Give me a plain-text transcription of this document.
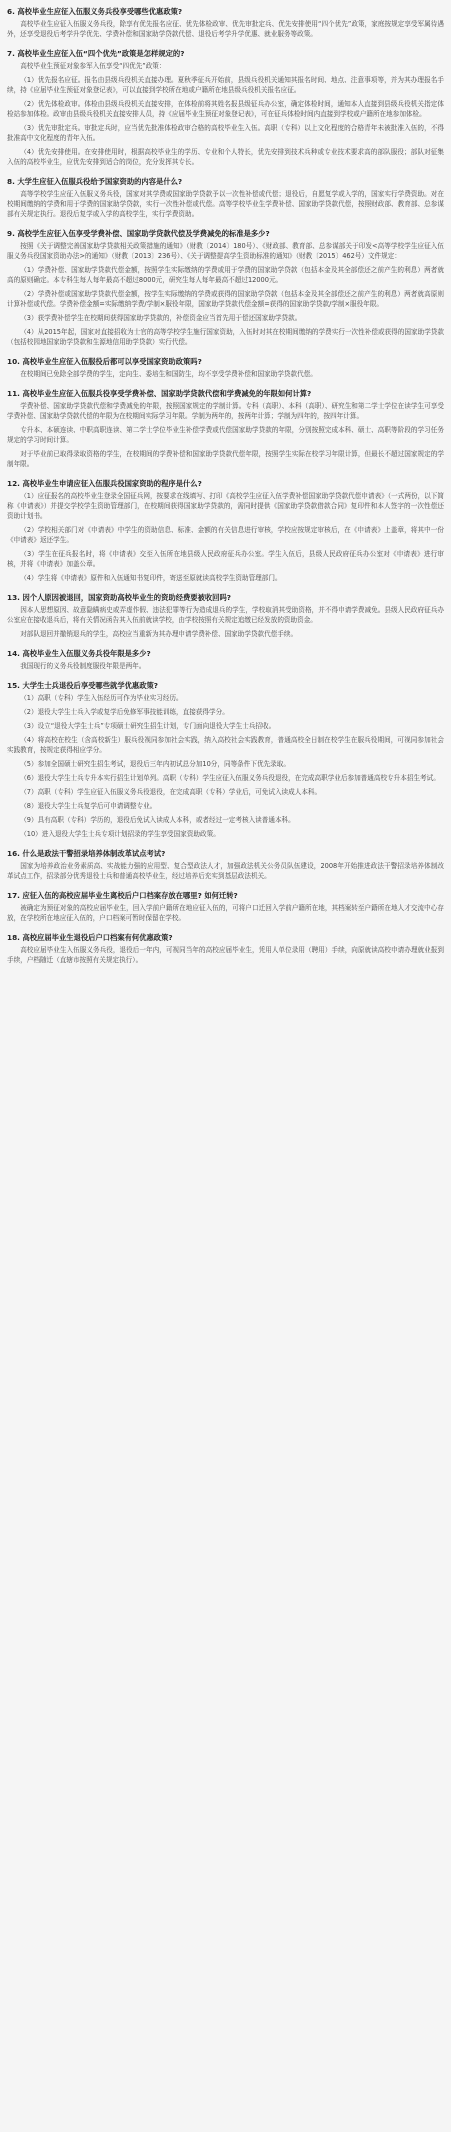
6. 高校毕业生应征入伍服义务兵役享受哪些优惠政策?

高校毕业生应征入伍服义务兵役，除享有优先报名应征、优先体检政审、优先审批定兵、优先安排使用“四个优先”政策，家庭按规定享受军属待遇外，还享受退役后考学升学优先、学费补偿和国家助学贷款代偿、退役后考学升学优惠、就业服务等政策。

7. 高校毕业生应征入伍“四个优先”政策是怎样规定的?

高校毕业生预征对象参军入伍享受“四优先”政策：

（1）优先报名应征。报名由县级兵役机关直接办理。夏秋季征兵开始前，县级兵役机关通知其报名时间、地点、注意事项等，并为其办理报名手续，持《应届毕业生预征对象登记表》，可以直接到学校所在地或户籍所在地县级兵役机关报名应征。

（2）优先体检政审。体检由县级兵役机关直接安排，在体检前将其姓名报县级征兵办公室，确定体检时间，通知本人直接到县级兵役机关指定体检站参加体检。政审由县级兵役机关直接安排人员，持《应届毕业生预征对象登记表》，可在征兵体检时间内直接到学校或户籍所在地参加体检。

（3）优先审批定兵。审批定兵时，应当优先批准体检政审合格的高校毕业生入伍。高职（专科）以上文化程度的合格青年未被批准入伍的，不得批准高中文化程度的青年入伍。

（4）优先安排使用。在安排使用时，根据高校毕业生的学历、专业和个人特长，优先安排到技术兵种或专业技术要求高的部队服役；部队对征集入伍的高校毕业生，应优先安排到适合的岗位，充分发挥其专长。

8. 大学生应征入伍服兵役给予国家资助的内容是什么?

高等学校学生应征入伍服义务兵役，国家对其学费或国家助学贷款予以一次性补偿或代偿；退役后，自愿复学或入学的，国家实行学费资助。对在校期间缴纳的学费和用于学费的国家助学贷款，实行一次性补偿或代偿。高等学校毕业生学费补偿、国家助学贷款代偿，按照财政部、教育部、总参谋部有关规定执行。退役后复学或入学的高校学生，实行学费资助。

9. 高校学生应征入伍享受学费补偿、国家助学贷款代偿及学费减免的标准是多少?

按照《关于调整完善国家助学贷款相关政策措施的通知》（财教〔2014〕180号）、《财政部、教育部、总参谋部关于印发<高等学校学生应征入伍服义务兵役国家资助办法>的通知》（财教〔2013〕236号）、《关于调整提高学生资助标准的通知》（财教〔2015〕462号）文件规定：

（1）学费补偿、国家助学贷款代偿金额，按照学生实际缴纳的学费或用于学费的国家助学贷款（包括本金及其全部偿还之前产生的利息）两者就高的原则确定。本专科生每人每年最高不超过8000元，研究生每人每年最高不超过12000元。

（2）学费补偿或国家助学贷款代偿金额，按学生实际缴纳的学费或获得的国家助学贷款（包括本金及其全部偿还之前产生的利息）两者就高原则计算补偿或代偿。学费补偿金额=实际缴纳学费/学制×服役年限，国家助学贷款代偿金额=获得的国家助学贷款/学制×服役年限。

（3）获学费补偿学生在校期间获得国家助学贷款的，补偿资金应当首先用于偿还国家助学贷款。

（4）从2015年起，国家对直接招收为士官的高等学校学生施行国家资助，入伍时对其在校期间缴纳的学费实行一次性补偿或获得的国家助学贷款（包括校园地国家助学贷款和生源地信用助学贷款）实行代偿。

10. 高校毕业生应征入伍服役后都可以享受国家资助政策吗?

在校期间已免除全部学费的学生，定向生、委培生和国防生，均不享受学费补偿和国家助学贷款代偿。

11. 高校毕业生应征入伍服兵役享受学费补偿、国家助学贷款代偿和学费减免的年限如何计算?

学费补偿、国家助学贷款代偿和学费减免的年限，按照国家规定的学制计算。专科（高职）、本科（高职）、研究生和第二学士学位在读学生可享受学费补偿、国家助学贷款代偿的年限为在校期间实际学习年限。学制为两年的，按两年计算；学制为四年的，按四年计算。

专升本、本硕连读、中职高职连读、第二学士学位毕业生补偿学费或代偿国家助学贷款的年限，分别按照完成本科、硕士、高职等阶段的学习任务规定的学习时间计算。

对于毕业前已取得录取资格的学生，在校期间的学费补偿和国家助学贷款代偿年限，按照学生实际在校学习年限计算，但最长不超过国家规定的学制年限。

12. 高校毕业生申请应征入伍服兵役国家资助的程序是什么?

（1）应征报名的高校毕业生登录全国征兵网，按要求在线填写、打印《高校学生应征入伍学费补偿国家助学贷款代偿申请表》（一式两份，以下简称《申请表》）并提交学校学生资助管理部门，在校期间获得国家助学贷款的，需同时提供《国家助学贷款借款合同》复印件和本人签字的一次性偿还资助计划书。

（2）学校相关部门对《申请表》中学生的资助信息、标准、金额的有关信息进行审核，学校应按规定审核后，在《申请表》上盖章，将其中一份《申请表》返还学生。

（3）学生在征兵报名时，将《申请表》交至入伍所在地县级人民政府征兵办公室。学生入伍后，县级人民政府征兵办公室对《申请表》进行审核，并将《申请表》加盖公章。

（4）学生将《申请表》原件和入伍通知书复印件，寄送至原就读高校学生资助管理部门。

13. 因个人原因被退回，国家资助高校毕业生的资助经费要被收回吗?

因本人思想原因、故意隐瞒病史或弄虚作假、违法犯罪等行为造成退兵的学生，学校取消其受助资格，并不得申请学费减免。县级人民政府征兵办公室应在接收退兵后，将有关情况函告其入伍前就读学校，由学校按照有关规定追缴已经发放的资助资金。

对部队退回并撤销退兵的学生，高校应当重新为其办理申请学费补偿、国家助学贷款代偿手续。

14. 高校毕业生入伍服义务兵役年限是多少?

我国现行的义务兵役制度服役年限是两年。

15. 大学生士兵退役后享受哪些就学优惠政策?

（1）高职（专科）学生入伍经历可作为毕业实习经历。

（2）退役大学生士兵入学或复学后免修军事技能训练，直接获得学分。

（3）设立“退役大学生士兵”专项硕士研究生招生计划，专门面向退役大学生士兵招收。

（4）将高校在校生（含高校新生）服兵役视同参加社会实践，纳入高校社会实践教育，普通高校全日制在校学生在服兵役期间，可视同参加社会实践教育，按规定获得相应学分。

（5）参加全国硕士研究生招生考试，退役后三年内初试总分加10分，同等条件下优先录取。

（6）退役大学生士兵专升本实行招生计划单列。高职（专科）学生应征入伍服义务兵役退役，在完成高职学业后参加普通高校专升本招生考试。

（7）高职（专科）学生应征入伍服义务兵役退役，在完成高职（专科）学业后，可免试入读成人本科。

（8）退役大学生士兵复学后可申请调整专业。

（9）具有高职（专科）学历的，退役后免试入读成人本科，或者经过一定考核入读普通本科。

（10）进入退役大学生士兵专项计划招录的学生享受国家资助政策。

16. 什么是政法干警招录培养体制改革试点考试?

国家为培养政治业务素质高、实战能力强的应用型、复合型政法人才，加强政法机关公务员队伍建设，2008年开始推进政法干警招录培养体制改革试点工作，招录部分优秀退役士兵和普通高校毕业生，经过培养后充实到基层政法机关。

17. 应征入伍的高校应届毕业生离校后户口档案存放在哪里? 如何迁转?

被确定为预征对象的高校应届毕业生，回入学前户籍所在地应征入伍的，可将户口迁回入学前户籍所在地，其档案转至户籍所在地人才交流中心存放，在学校所在地应征入伍的，户口档案可暂时保留在学校。

18. 高校应届毕业生退役后户口档案有何优惠政策?

高校应届毕业生入伍服义务兵役，退役后一年内，可视同当年的高校应届毕业生，凭用人单位录用（聘用）手续，向原就读高校申请办理就业报到手续，户档随迁（直辖市按照有关规定执行）。
